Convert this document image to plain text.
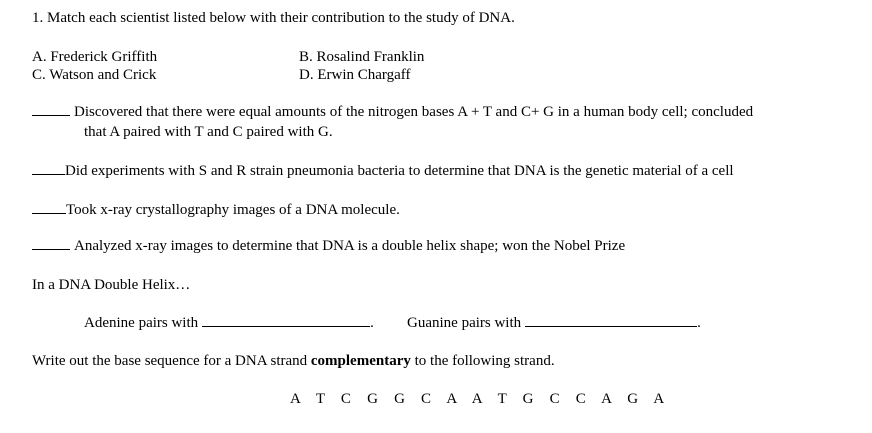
1. Match each scientist listed below with their contribution to the study of DNA.
A. Frederick Griffith	B. Rosalind Franklin
C. Watson and Crick	D. Erwin Chargaff
Discovered that there were equal amounts of the nitrogen bases A + T and C+ G in a human body cell; concluded
that A paired with T and C paired with G.
Did experiments with S and R strain pneumonia bacteria to determine that DNA is the genetic material of a cell
Took x-ray crystallography images of a DNA molecule.
Analyzed x-ray images to determine that DNA is a double helix shape; won the Nobel Prize
In a DNA Double Helix…
Adenine pairs with	. Guanine pairs with	.
Write out the base sequence for a DNA strand complementary to the following strand.
A T C G G C A A T G C C A G A
